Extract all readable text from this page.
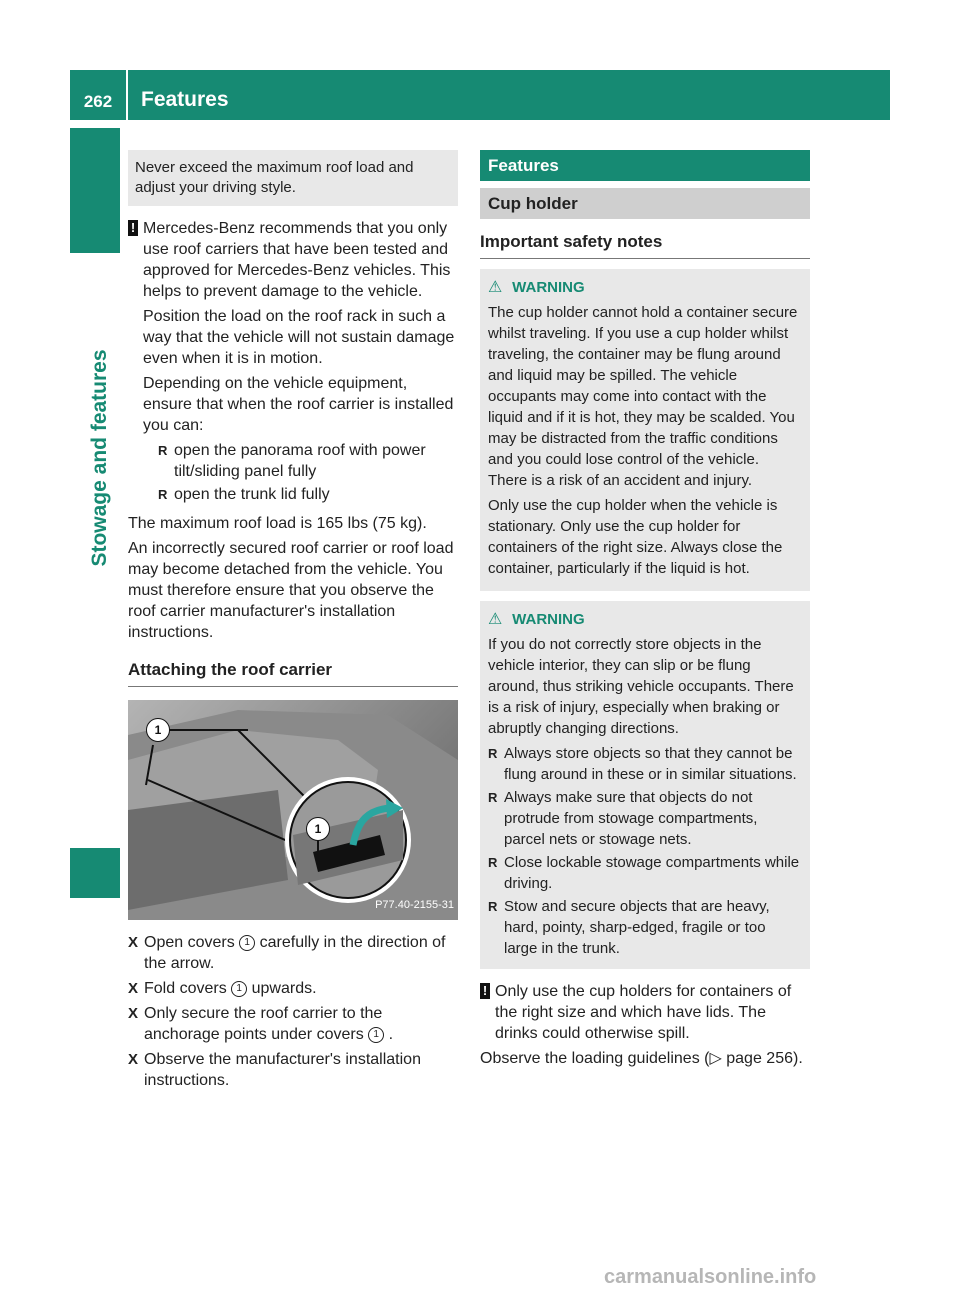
262	Features
Stowage and features
Never exceed the maximum roof load and adjust your driving style.
! Mercedes-Benz recommends that you only use roof carriers that have been tested and approved for Mercedes-Benz vehicles. This helps to prevent damage to the vehicle.
Position the load on the roof rack in such a way that the vehicle will not sustain damage even when it is in motion.
Depending on the vehicle equipment, ensure that when the roof carrier is installed you can:
R open the panorama roof with power tilt/sliding panel fully
R open the trunk lid fully
The maximum roof load is 165 lbs (75 kg).
An incorrectly secured roof carrier or roof load may become detached from the vehicle. You must therefore ensure that you observe the roof carrier manufacturer's installation instructions.
Attaching the roof carrier
1
1
P77.40-2155-31
X Open covers 1 carefully in the direction of the arrow.
X Fold covers 1 upwards.
X Only secure the roof carrier to the anchorage points under covers 1 .
X Observe the manufacturer's installation instructions.
Features
Cup holder
Important safety notes
⚠ WARNING
The cup holder cannot hold a container secure whilst traveling. If you use a cup holder whilst traveling, the container may be flung around and liquid may be spilled. The vehicle occupants may come into contact with the liquid and if it is hot, they may be scalded. You may be distracted from the traffic conditions and you could lose control of the vehicle. There is a risk of an accident and injury.
Only use the cup holder when the vehicle is stationary. Only use the cup holder for containers of the right size. Always close the container, particularly if the liquid is hot.
⚠ WARNING
If you do not correctly store objects in the vehicle interior, they can slip or be flung around, thus striking vehicle occupants. There is a risk of injury, especially when braking or abruptly changing directions.
R Always store objects so that they cannot be flung around in these or in similar situations.
R Always make sure that objects do not protrude from stowage compartments, parcel nets or stowage nets.
R Close lockable stowage compartments while driving.
R Stow and secure objects that are heavy, hard, pointy, sharp-edged, fragile or too large in the trunk.
! Only use the cup holders for containers of the right size and which have lids. The drinks could otherwise spill.
Observe the loading guidelines (▷ page 256).
carmanualsonline.info
